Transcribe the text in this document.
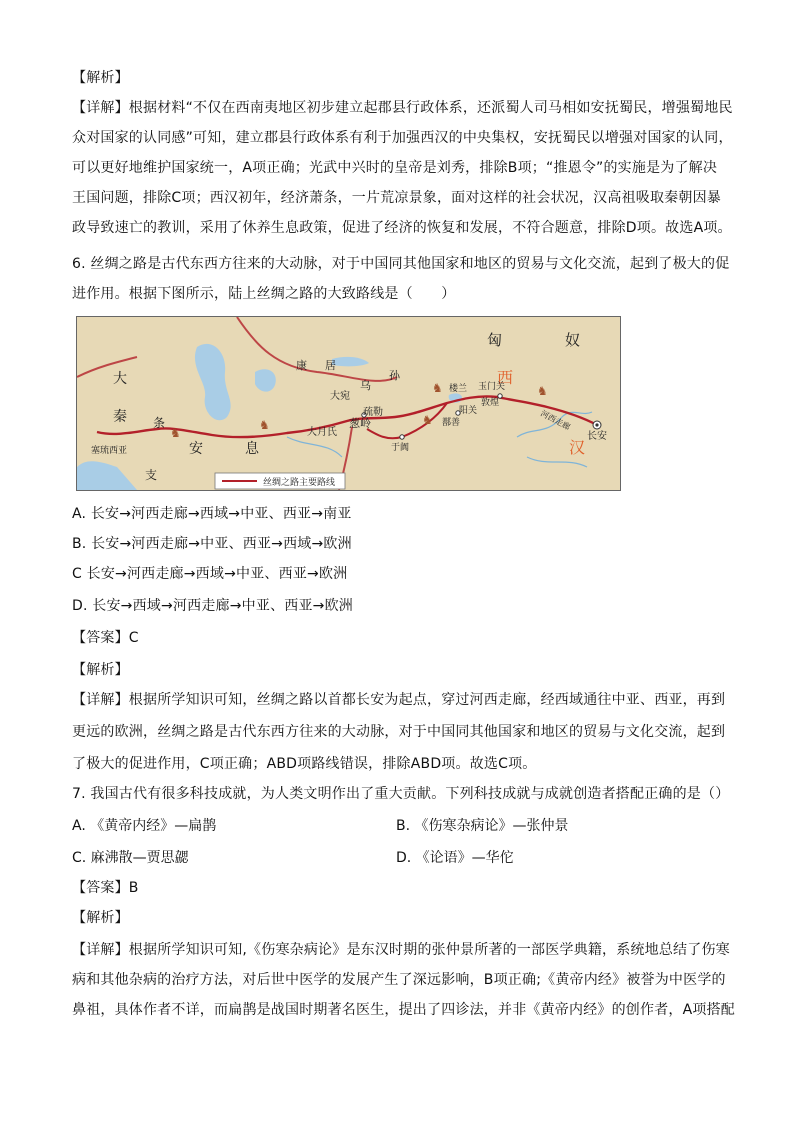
【解析】
【详解】根据材料“不仅在西南夷地区初步建立起郡县行政体系，还派蜀人司马相如安抚蜀民，增强蜀地民
众对国家的认同感”可知，建立郡县行政体系有利于加强西汉的中央集权，安抚蜀民以增强对国家的认同，
可以更好地维护国家统一，A项正确；光武中兴时的皇帝是刘秀，排除B项；“推恩令”的实施是为了解决
王国问题，排除C项；西汉初年，经济萧条，一片荒凉景象，面对这样的社会状况，汉高祖吸取秦朝因暴
政导致速亡的教训，采用了休养生息政策，促进了经济的恢复和发展，不符合题意，排除D项。故选A项。
6. 丝绸之路是古代东西方往来的大动脉，对于中国同其他国家和地区的贸易与文化交流，起到了极大的促
进作用。根据下图所示，陆上丝绸之路的大致路线是（　　）
♞	♞
♞
♞
♞
匈	奴
西
汉
大
秦 条
支
安	息
康 居
大宛
乌
孙
疏勒
大月氏
葱岭
楼兰 玉门关
敦煌
阳关
鄯善
于阗
河西走廊
长安
塞琉西亚
丝绸之路主要路线
A. 长安→河西走廊→西域→中亚、西亚→南亚
B. 长安→河西走廊→中亚、西亚→西域→欧洲
C 长安→河西走廊→西域→中亚、西亚→欧洲
D. 长安→西域→河西走廊→中亚、西亚→欧洲
【答案】C
【解析】
【详解】根据所学知识可知，丝绸之路以首都长安为起点，穿过河西走廊，经西域通往中亚、西亚，再到
更远的欧洲，丝绸之路是古代东西方往来的大动脉，对于中国同其他国家和地区的贸易与文化交流，起到
了极大的促进作用，C项正确；ABD项路线错误，排除ABD项。故选C项。
7. 我国古代有很多科技成就，为人类文明作出了重大贡献。下列科技成就与成就创造者搭配正确的是（）
A. 《黄帝内经》—扁鹊	B. 《伤寒杂病论》—张仲景
C. 麻沸散—贾思勰	D. 《论语》—华佗
【答案】B
【解析】
【详解】根据所学知识可知,《伤寒杂病论》是东汉时期的张仲景所著的一部医学典籍，系统地总结了伤寒
病和其他杂病的治疗方法，对后世中医学的发展产生了深远影响，B项正确;《黄帝内经》被誉为中医学的
鼻祖，具体作者不详，而扁鹊是战国时期著名医生，提出了四诊法，并非《黄帝内经》的创作者，A项搭配
